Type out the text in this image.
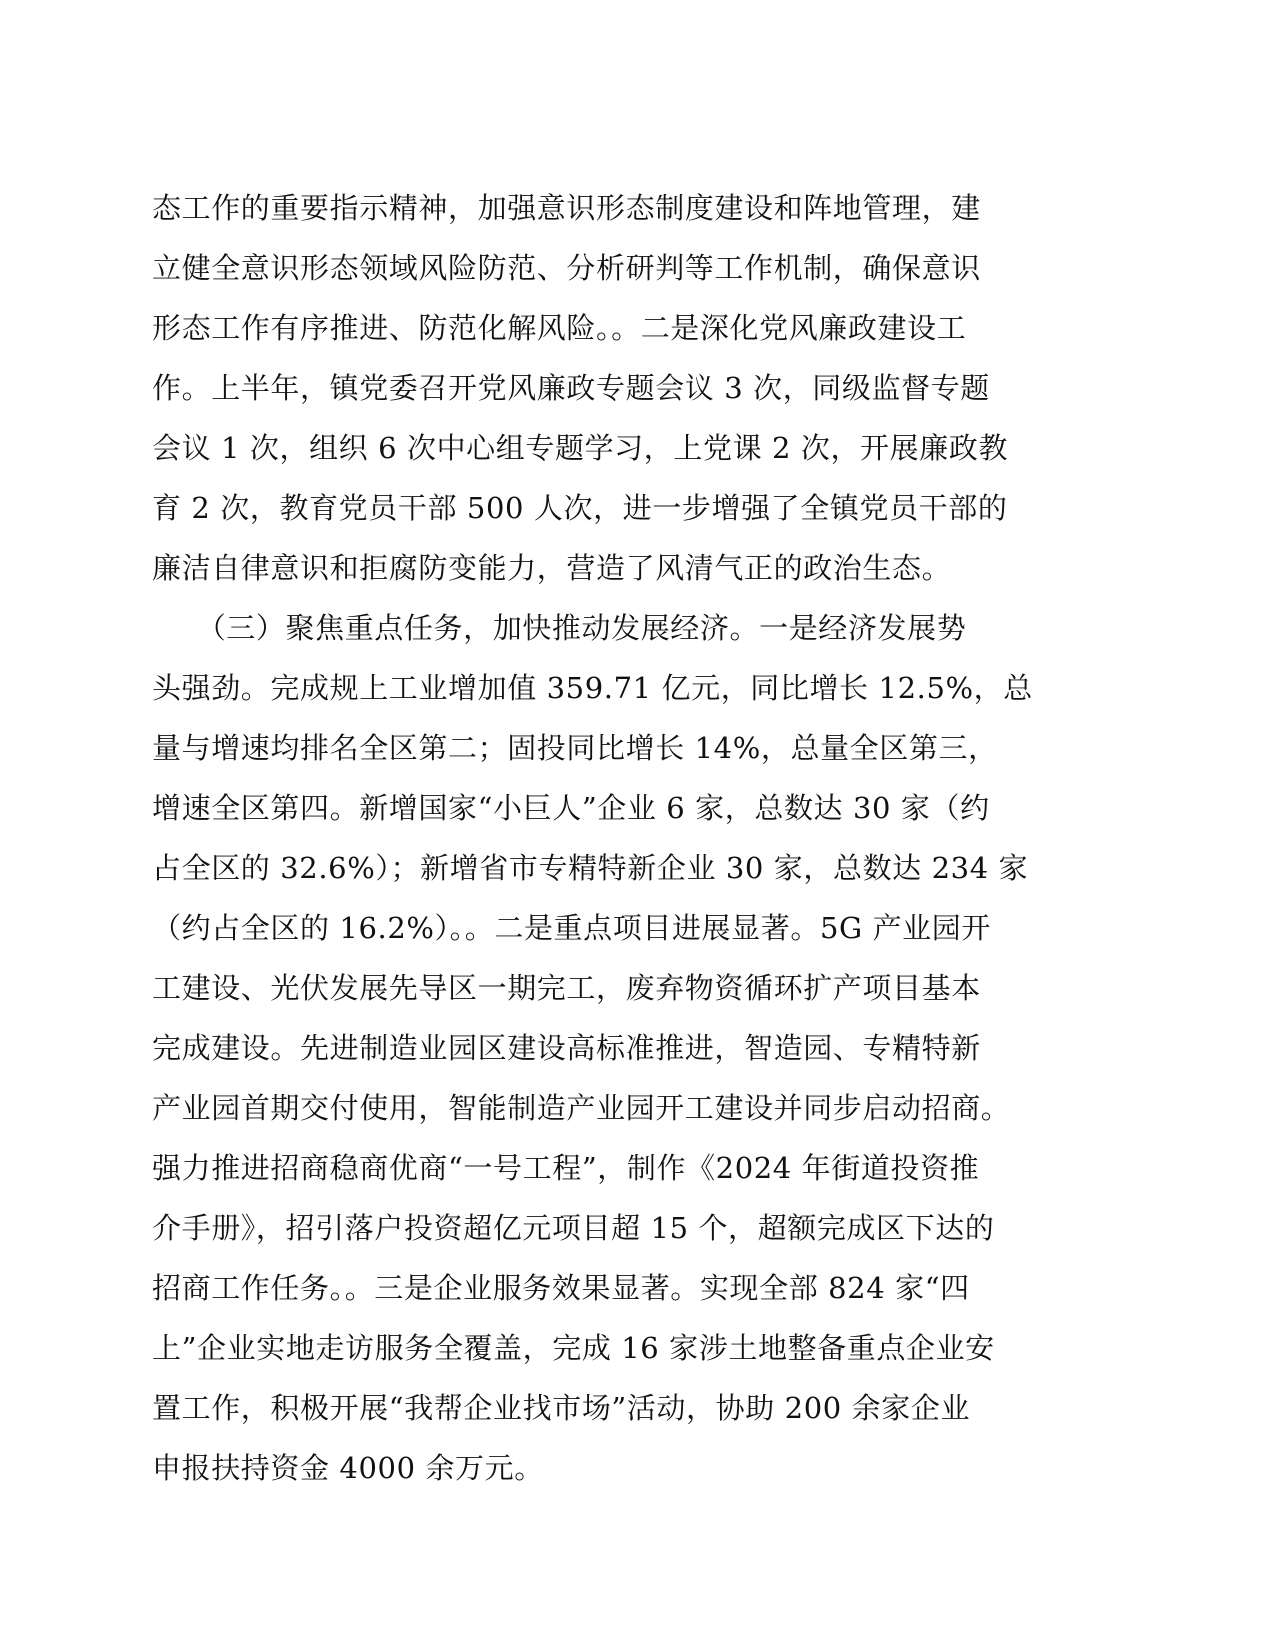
态工作的重要指示精神，加强意识形态制度建设和阵地管理，建
立健全意识形态领域风险防范、分析研判等工作机制，确保意识
形态工作有序推进、防范化解风险。。二是深化党风廉政建设工
作。上半年，镇党委召开党风廉政专题会议 3 次，同级监督专题
会议 1 次，组织 6 次中心组专题学习，上党课 2 次，开展廉政教
育 2 次，教育党员干部 500 人次，进一步增强了全镇党员干部的
廉洁自律意识和拒腐防变能力，营造了风清气正的政治生态。
　　（三）聚焦重点任务，加快推动发展经济。一是经济发展势
头强劲。完成规上工业增加值 359.71 亿元，同比增长 12.5%，总
量与增速均排名全区第二；固投同比增长 14%，总量全区第三，
增速全区第四。新增国家“小巨人”企业 6 家，总数达 30 家（约
占全区的 32.6%）；新增省市专精特新企业 30 家，总数达 234 家
（约占全区的 16.2%）。。二是重点项目进展显著。5G 产业园开
工建设、光伏发展先导区一期完工，废弃物资循环扩产项目基本
完成建设。先进制造业园区建设高标准推进，智造园、专精特新
产业园首期交付使用，智能制造产业园开工建设并同步启动招商。
强力推进招商稳商优商“一号工程”，制作《2024 年街道投资推
介手册》，招引落户投资超亿元项目超 15 个，超额完成区下达的
招商工作任务。。三是企业服务效果显著。实现全部 824 家“四
上”企业实地走访服务全覆盖，完成 16 家涉土地整备重点企业安
置工作，积极开展“我帮企业找市场”活动，协助 200 余家企业
申报扶持资金 4000 余万元。
